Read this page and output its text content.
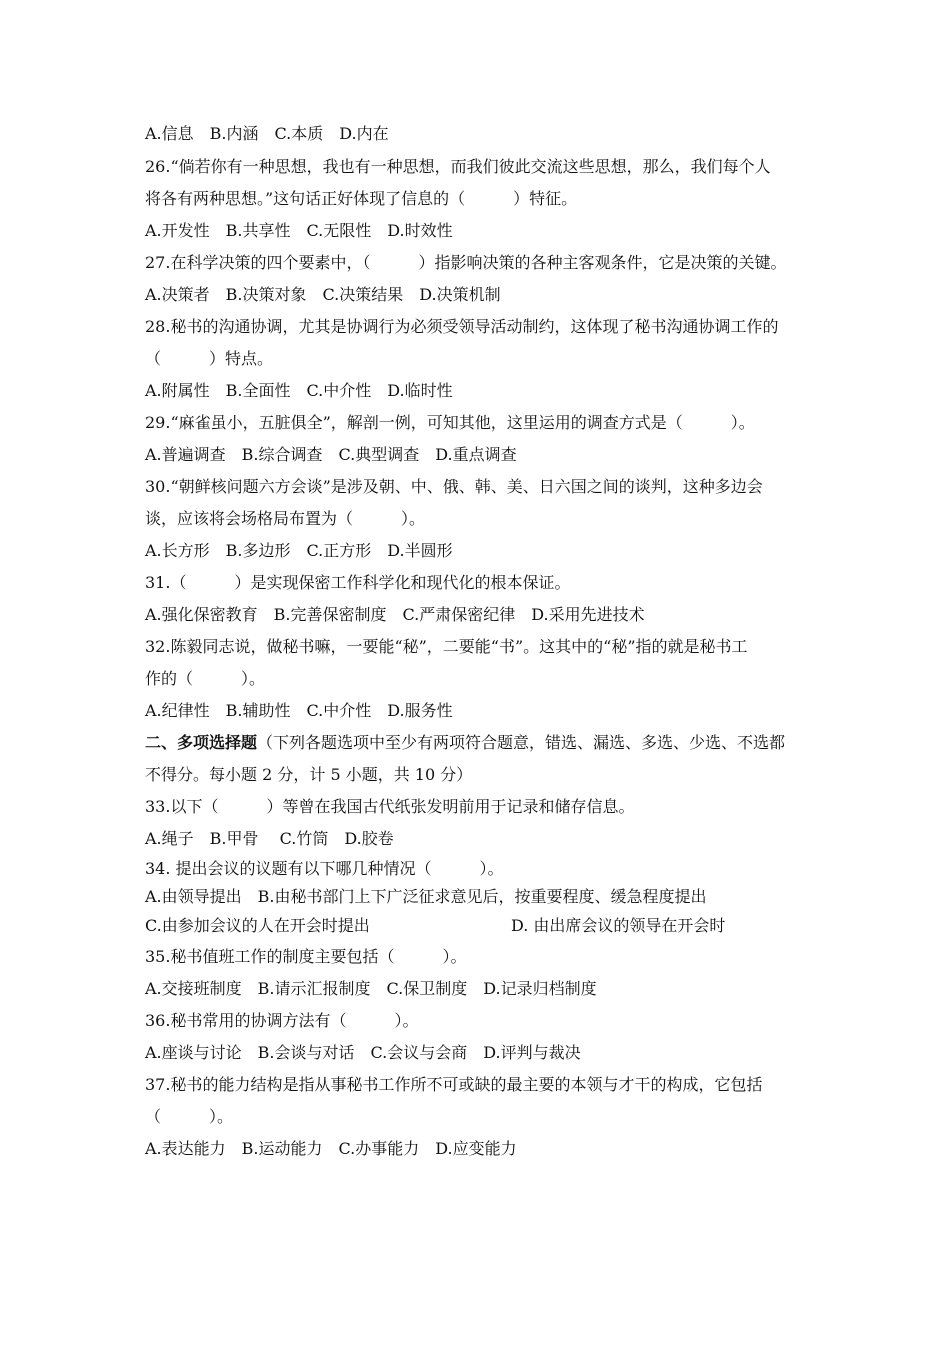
A.信息　B.内涵　C.本质　D.内在
26.“倘若你有一种思想，我也有一种思想，而我们彼此交流这些思想，那么，我们每个人
将各有两种思想。”这句话正好体现了信息的（　　　）特征。
A.开发性　B.共享性　C.无限性　D.时效性
27.在科学决策的四个要素中，（　　　）指影响决策的各种主客观条件，它是决策的关键。
A.决策者　B.决策对象　C.决策结果　D.决策机制
28.秘书的沟通协调，尤其是协调行为必须受领导活动制约，这体现了秘书沟通协调工作的
（　　　）特点。
A.附属性　B.全面性　C.中介性　D.临时性
29.“麻雀虽小，五脏俱全”，解剖一例，可知其他，这里运用的调查方式是（　　　）。
A.普遍调查　B.综合调查　C.典型调查　D.重点调查
30.“朝鲜核问题六方会谈”是涉及朝、中、俄、韩、美、日六国之间的谈判，这种多边会
谈，应该将会场格局布置为（　　　）。
A.长方形　B.多边形　C.正方形　D.半圆形
31.（　　　）是实现保密工作科学化和现代化的根本保证。
A.强化保密教育　B.完善保密制度　C.严肃保密纪律　D.采用先进技术
32.陈毅同志说，做秘书嘛，一要能“秘”，二要能“书”。这其中的“秘”指的就是秘书工
作的（　　　）。
A.纪律性　B.辅助性　C.中介性　D.服务性
二、多项选择题（下列各题选项中至少有两项符合题意，错选、漏选、多选、少选、不选都
不得分。每小题 2 分，计 5 小题，共 10 分）
33.以下（　　　）等曾在我国古代纸张发明前用于记录和储存信息。
A.绳子　B.甲骨　 C.竹筒　D.胶卷
34. 提出会议的议题有以下哪几种情况（　　　）。
A.由领导提出　B.由秘书部门上下广泛征求意见后，按重要程度、缓急程度提出
C.由参加会议的人在开会时提出	D. 由出席会议的领导在开会时
35.秘书值班工作的制度主要包括（　　　）。
A.交接班制度　B.请示汇报制度　C.保卫制度　D.记录归档制度
36.秘书常用的协调方法有（　　　）。
A.座谈与讨论　B.会谈与对话　C.会议与会商　D.评判与裁决
37.秘书的能力结构是指从事秘书工作所不可或缺的最主要的本领与才干的构成，它包括
（　　　）。
A.表达能力　B.运动能力　C.办事能力　D.应变能力
